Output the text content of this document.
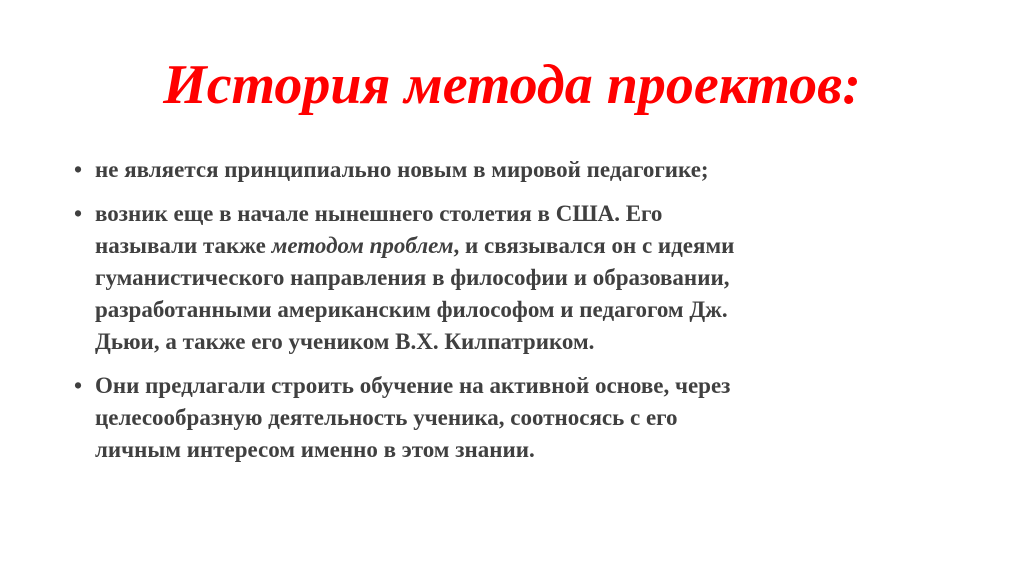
История метода проектов:
• не является принципиально новым в мировой педагогике;
• возник еще в начале нынешнего столетия в США. Его
называли также методом проблем, и связывался он с идеями
гуманистического направления в философии и образовании,
разработанными американским философом и педагогом Дж.
Дьюи, а также его учеником В.Х. Килпатриком.
• Они предлагали строить обучение на активной основе, через
целесообразную деятельность ученика, соотносясь с его
личным интересом именно в этом знании.
